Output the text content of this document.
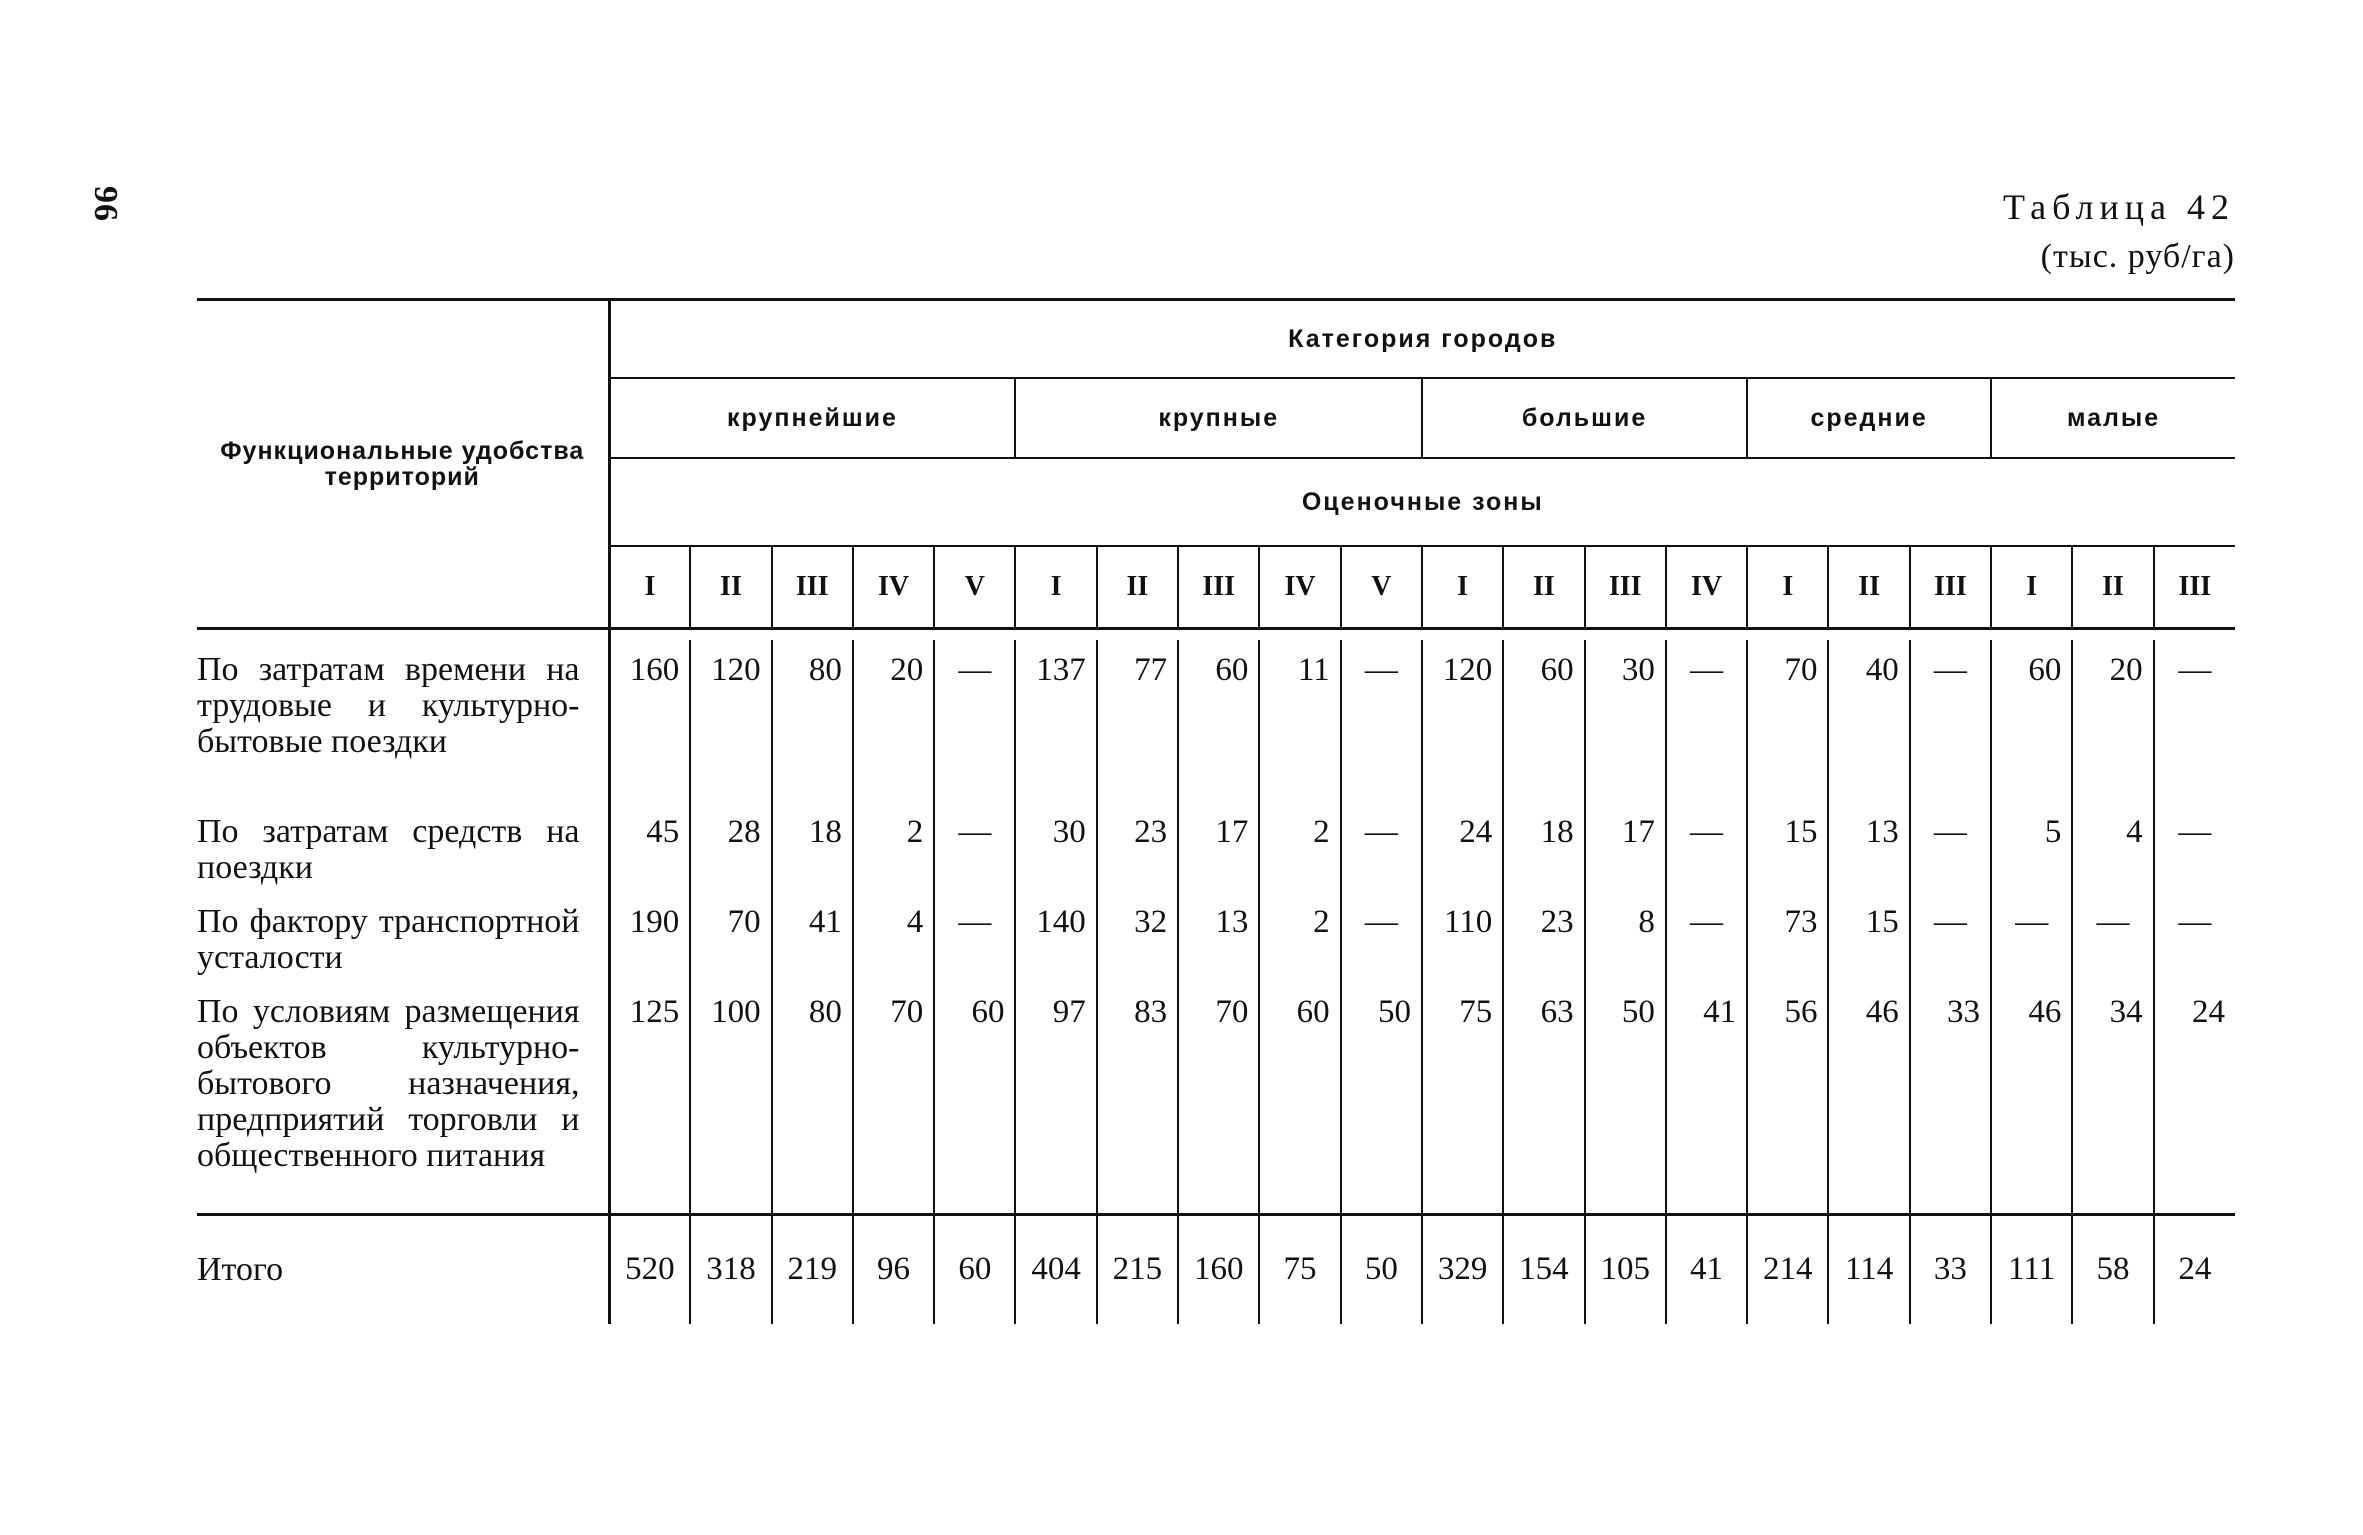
96	Таблица 42
(тыс. руб/га)
Функциональные удобства территорий	Категория городов																			
	крупнейшие					крупные					большие				средние			малые		
	Оценочные зоны																			
	I	II	III	IV	V	I	II	III	IV	V	I	II	III	IV	I	II	III	I	II	III

По затратам времени на трудовые и культурно-бытовые поездки	160	120	80	20	—	137	77	60	11	—	120	60	30	—	70	40	—	60	20	—
По затратам средств на поездки	45	28	18	2	—	30	23	17	2	—	24	18	17	—	15	13	—	5	4	—
По фактору транспортной усталости	190	70	41	4	—	140	32	13	2	—	110	23	8	—	73	15	—	—	—	—
По условиям размещения объектов культурно-бытового назначения, предприятий торговли и общественного питания	125	100	80	70	60	97	83	70	60	50	75	63	50	41	56	46	33	46	34	24
Итого	520	318	219	96	60	404	215	160	75	50	329	154	105	41	214	114	33	111	58	24
